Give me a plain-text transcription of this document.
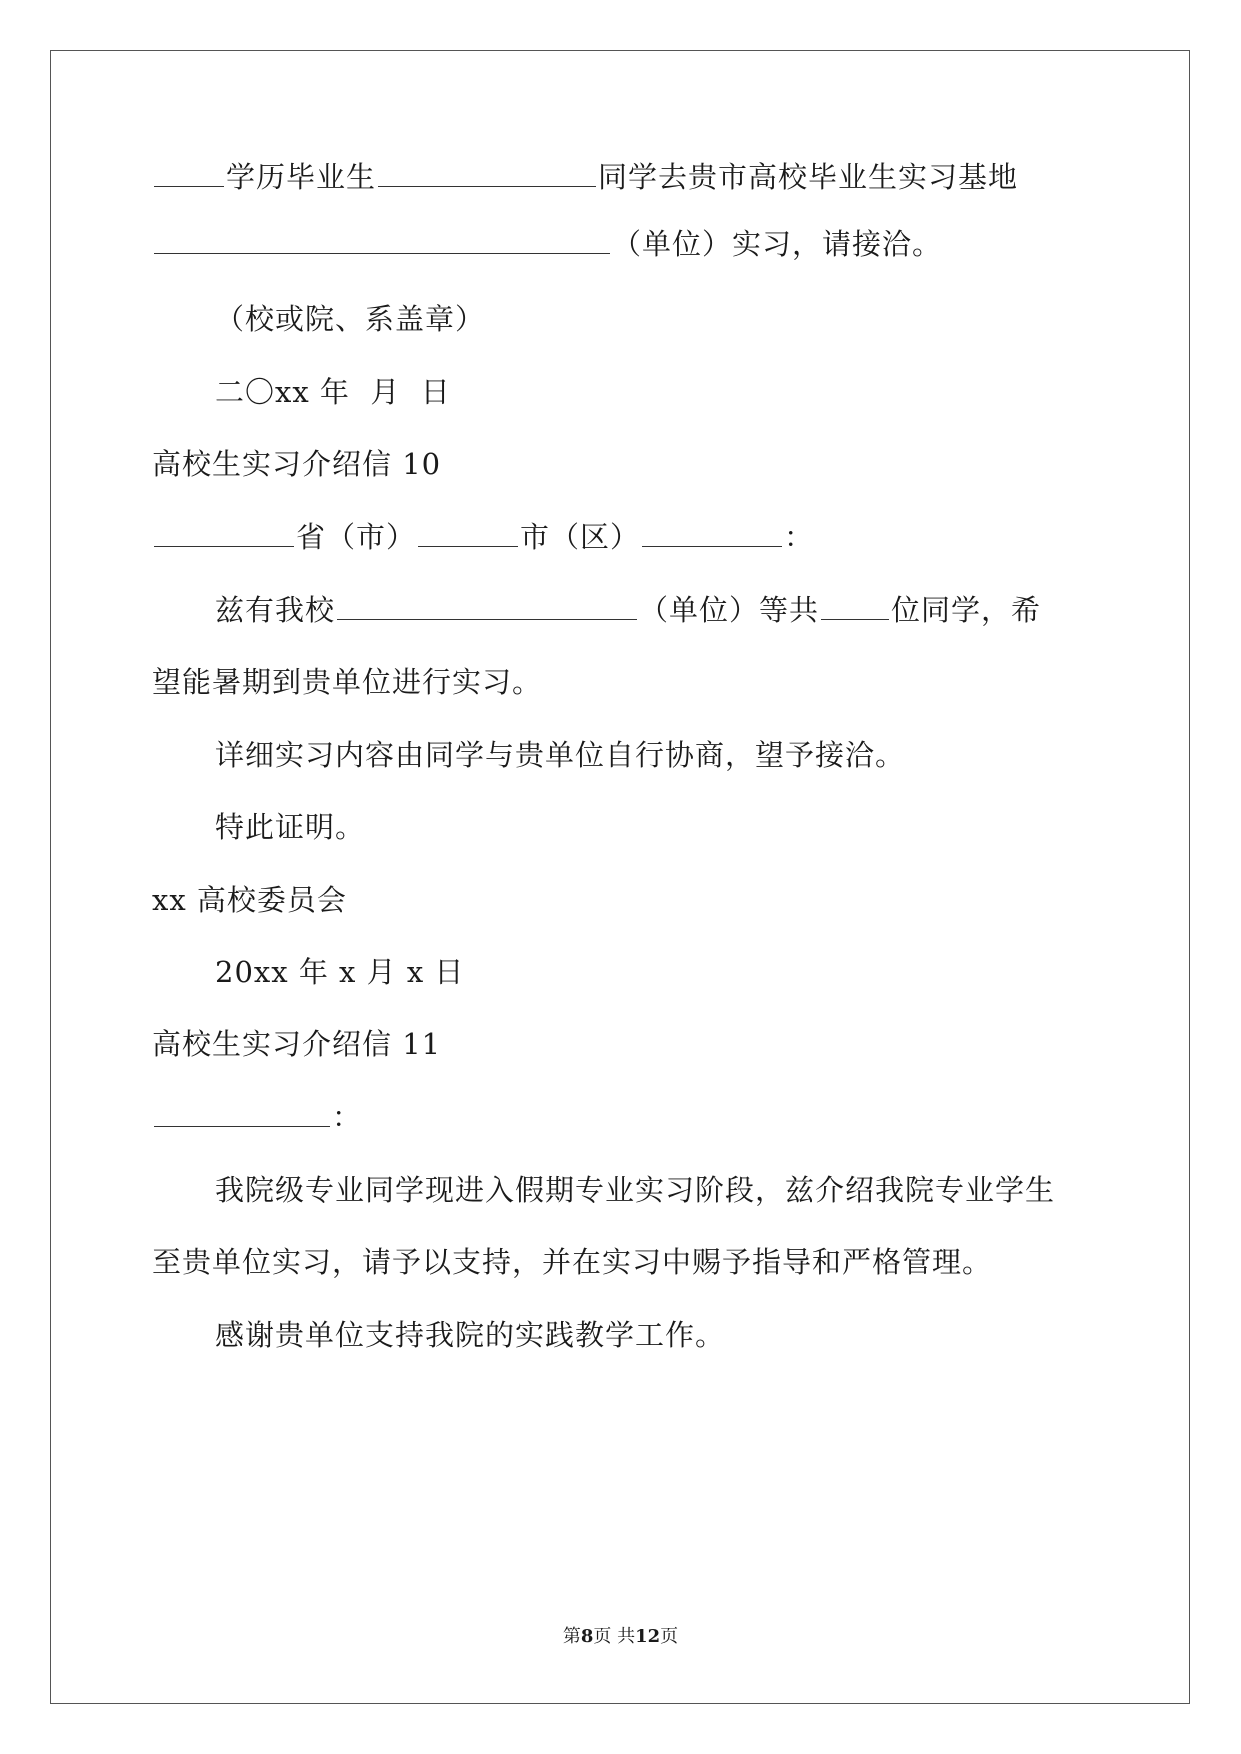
学历毕业生	同学去贵市高校毕业生实习基地
（单位）实习，请接洽。
（校或院、系盖章）
二〇xx 年  月  日
高校生实习介绍信 10
省（市）	市（区）	：
兹有我校	（单位）等共 位同学，希
望能暑期到贵单位进行实习。
详细实习内容由同学与贵单位自行协商，望予接洽。
特此证明。
xx 高校委员会
20xx 年 x 月 x 日
高校生实习介绍信 11
：
我院级专业同学现进入假期专业实习阶段，兹介绍我院专业学生
至贵单位实习，请予以支持，并在实习中赐予指导和严格管理。
感谢贵单位支持我院的实践教学工作。
第8页 共12页
